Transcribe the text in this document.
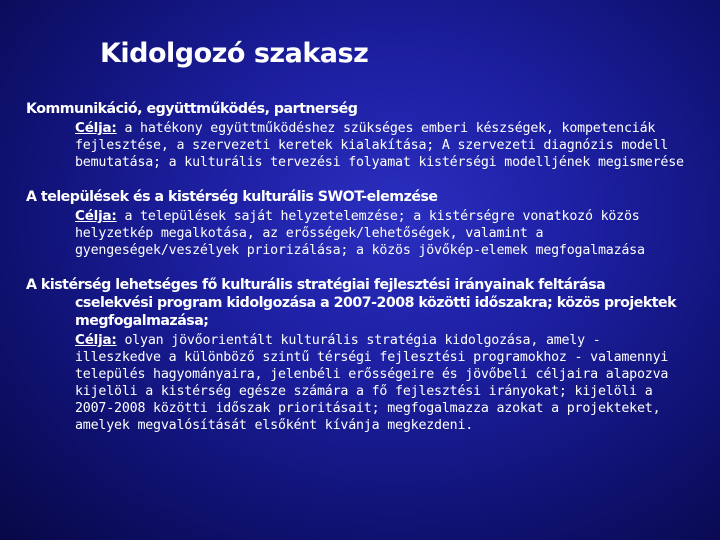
Kidolgozó szakasz

Kommunikáció, együttműködés, partnerség

Célja: a hatékony együttműködéshez szükséges emberi készségek, kompetenciák fejlesztése, a szervezeti keretek kialakítása; A szervezeti diagnózis modell bemutatása; a kulturális tervezési folyamat kistérségi modelljének megismerése

A települések és a kistérség kulturális SWOT-elemzése

Célja: a települések saját helyzetelemzése; a kistérségre vonatkozó közös helyzetkép megalkotása, az erősségek/lehetőségek, valamint a gyengeségek/veszélyek priorizálása; a közös jövőkép-elemek megfogalmazása

A kistérség lehetséges fő kulturális stratégiai fejlesztési irányainak feltárása cselekvési program kidolgozása a 2007-2008 közötti időszakra; közös projektek megfogalmazása;

Célja: olyan jövőorientált kulturális stratégia kidolgozása, amely - illeszkedve a különböző szintű térségi fejlesztési programokhoz - valamennyi település hagyományaira, jelenbéli erősségeire és jövőbeli céljaira alapozva kijelöli a kistérség egésze számára a fő fejlesztési irányokat; kijelöli a 2007-2008 közötti időszak prioritásait; megfogalmazza azokat a projekteket, amelyek megvalósítását elsőként kívánja megkezdeni.
